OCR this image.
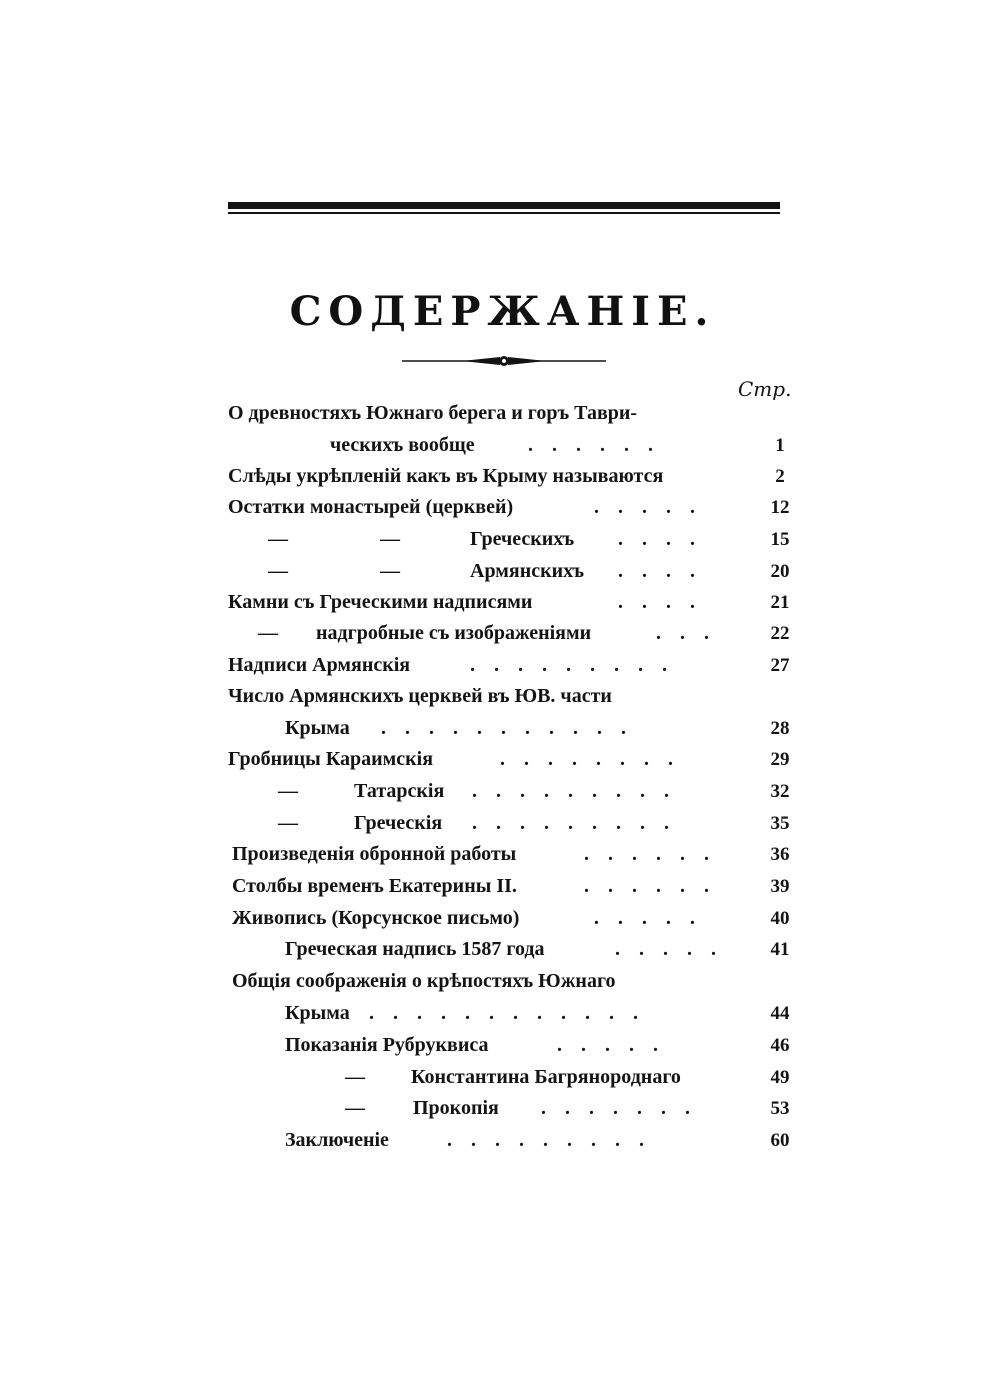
СОДЕРЖАНІЕ.
Стр.
О древностяхъ Южнаго берега и горъ Таври-
ческихъ вообще	. . . . . .	1
Слѣды укрѣпленій какъ въ Крыму называются	2
Остатки монастырей (церквей)	. . . . .	12
—	—	Греческихъ . . . .	15
—	—	Армянскихъ . . . .	20
Камни съ Греческими надписями	. . . .	21
— надгробные съ изображеніями	. . .	22
Надписи Армянскія	. . . . . . . . .	27
Число Армянскихъ церквей въ ЮВ. части
Крыма . . . . . . . . . . .	28
Гробницы Караимскія	. . . . . . . .	29
—	Татарскія . . . . . . . . .	32
—	Греческія . . . . . . . . .	35
Произведенія обронной работы	. . . . . .	36
Столбы временъ Екатерины II.	. . . . . .	39
Живопись (Корсунское письмо)	. . . . .	40
Греческая надпись 1587 года	. . . . .	41
Общія соображенія о крѣпостяхъ Южнаго
Крыма . . . . . . . . . . . .	44
Показанія Рубруквиса	. . . . .	46
— Константина Багрянороднаго	49
— Прокопія . . . . . . .	53
Заключеніе	. . . . . . . . .	60
